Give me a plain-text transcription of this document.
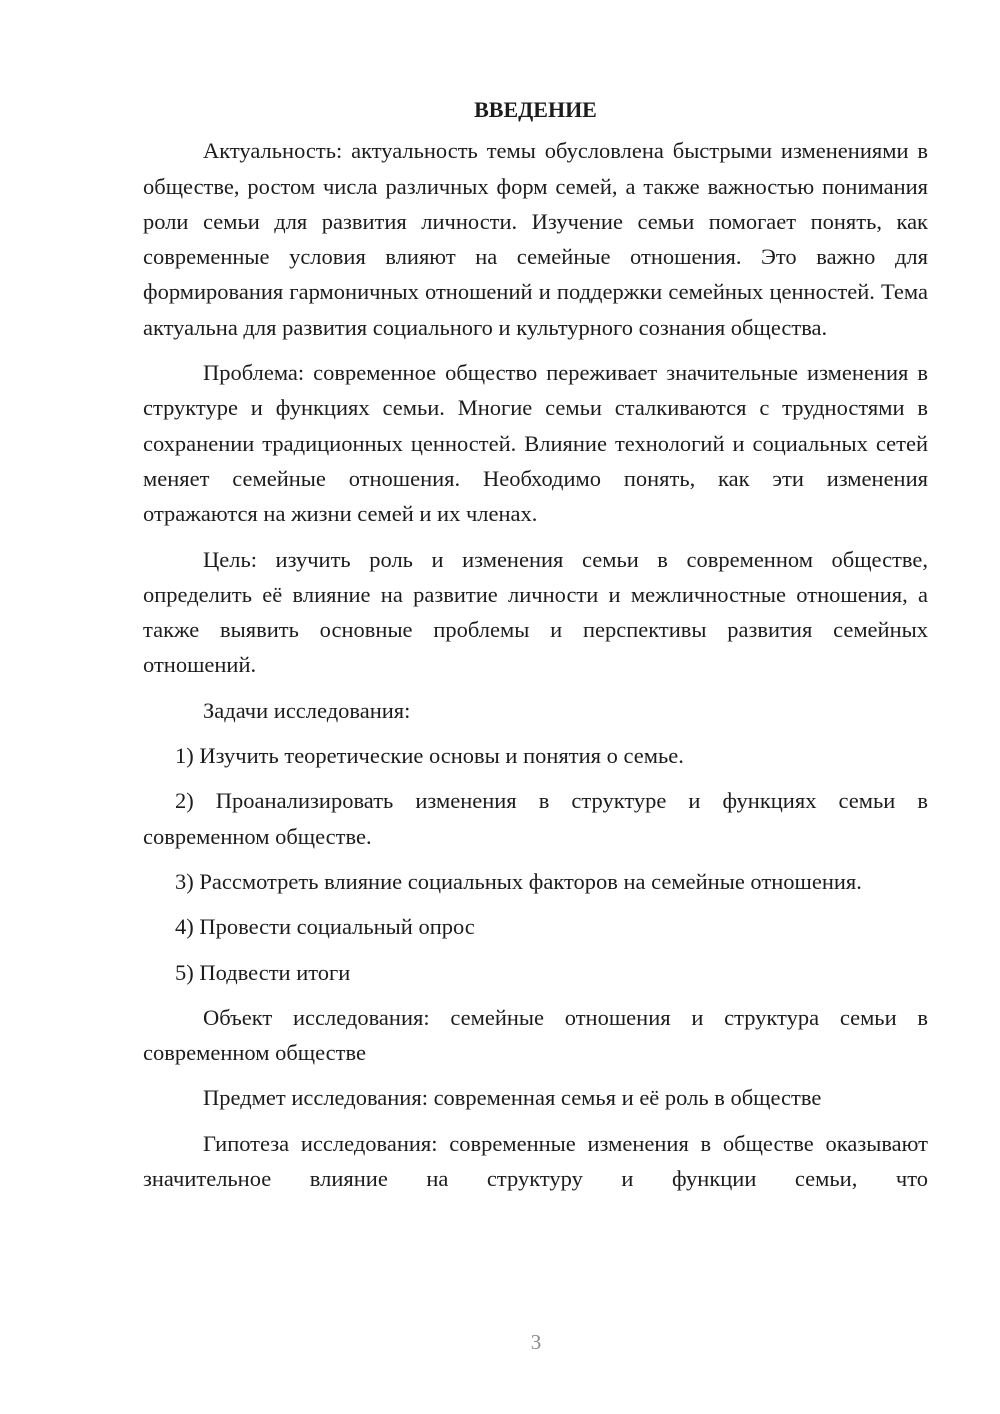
ВВЕДЕНИЕ
Актуальность: актуальность темы обусловлена быстрыми изменениями в обществе, ростом числа различных форм семей, а также важностью понимания роли семьи для развития личности. Изучение семьи помогает понять, как современные условия влияют на семейные отношения. Это важно для формирования гармоничных отношений и поддержки семейных ценностей. Тема актуальна для развития социального и культурного сознания общества.
Проблема: современное общество переживает значительные изменения в структуре и функциях семьи. Многие семьи сталкиваются с трудностями в сохранении традиционных ценностей. Влияние технологий и социальных сетей меняет семейные отношения. Необходимо понять, как эти изменения отражаются на жизни семей и их членах.
Цель: изучить роль и изменения семьи в современном обществе, определить её влияние на развитие личности и межличностные отношения, а также выявить основные проблемы и перспективы развития семейных отношений.
Задачи исследования:
1) Изучить теоретические основы и понятия о семье.
2) Проанализировать изменения в структуре и функциях семьи в современном обществе.
3) Рассмотреть влияние социальных факторов на семейные отношения.
4) Провести социальный опрос
5) Подвести итоги
Объект исследования: семейные отношения и структура семьи в современном обществе
Предмет исследования: современная семья и её роль в обществе
Гипотеза исследования: современные изменения в обществе оказывают значительное влияние на структуру и функции семьи, что
3
